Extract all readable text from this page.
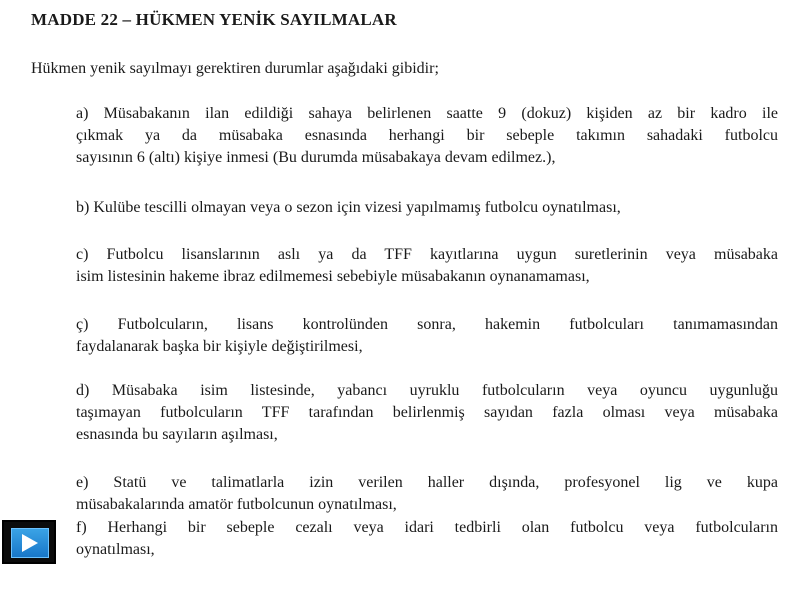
MADDE 22 – HÜKMEN YENİK SAYILMALAR
Hükmen yenik sayılmayı gerektiren durumlar aşağıdaki gibidir;
a) Müsabakanın ilan edildiği sahaya belirlenen saatte 9 (dokuz) kişiden az bir kadro ile
çıkmak ya da müsabaka esnasında herhangi bir sebeple takımın sahadaki futbolcu
sayısının 6 (altı) kişiye inmesi (Bu durumda müsabakaya devam edilmez.),
b) Kulübe tescilli olmayan veya o sezon için vizesi yapılmamış futbolcu oynatılması,
c) Futbolcu lisanslarının aslı ya da TFF kayıtlarına uygun suretlerinin veya müsabaka
isim listesinin hakeme ibraz edilmemesi sebebiyle müsabakanın oynanamaması,
ç) Futbolcuların, lisans kontrolünden sonra, hakemin futbolcuları tanımamasından
faydalanarak başka bir kişiyle değiştirilmesi,
d) Müsabaka isim listesinde, yabancı uyruklu futbolcuların veya oyuncu uygunluğu
taşımayan futbolcuların TFF tarafından belirlenmiş sayıdan fazla olması veya müsabaka
esnasında bu sayıların aşılması,
e) Statü ve talimatlarla izin verilen haller dışında, profesyonel lig ve kupa
müsabakalarında amatör futbolcunun oynatılması,
f) Herhangi bir sebeple cezalı veya idari tedbirli olan futbolcu veya futbolcuların
oynatılması,
